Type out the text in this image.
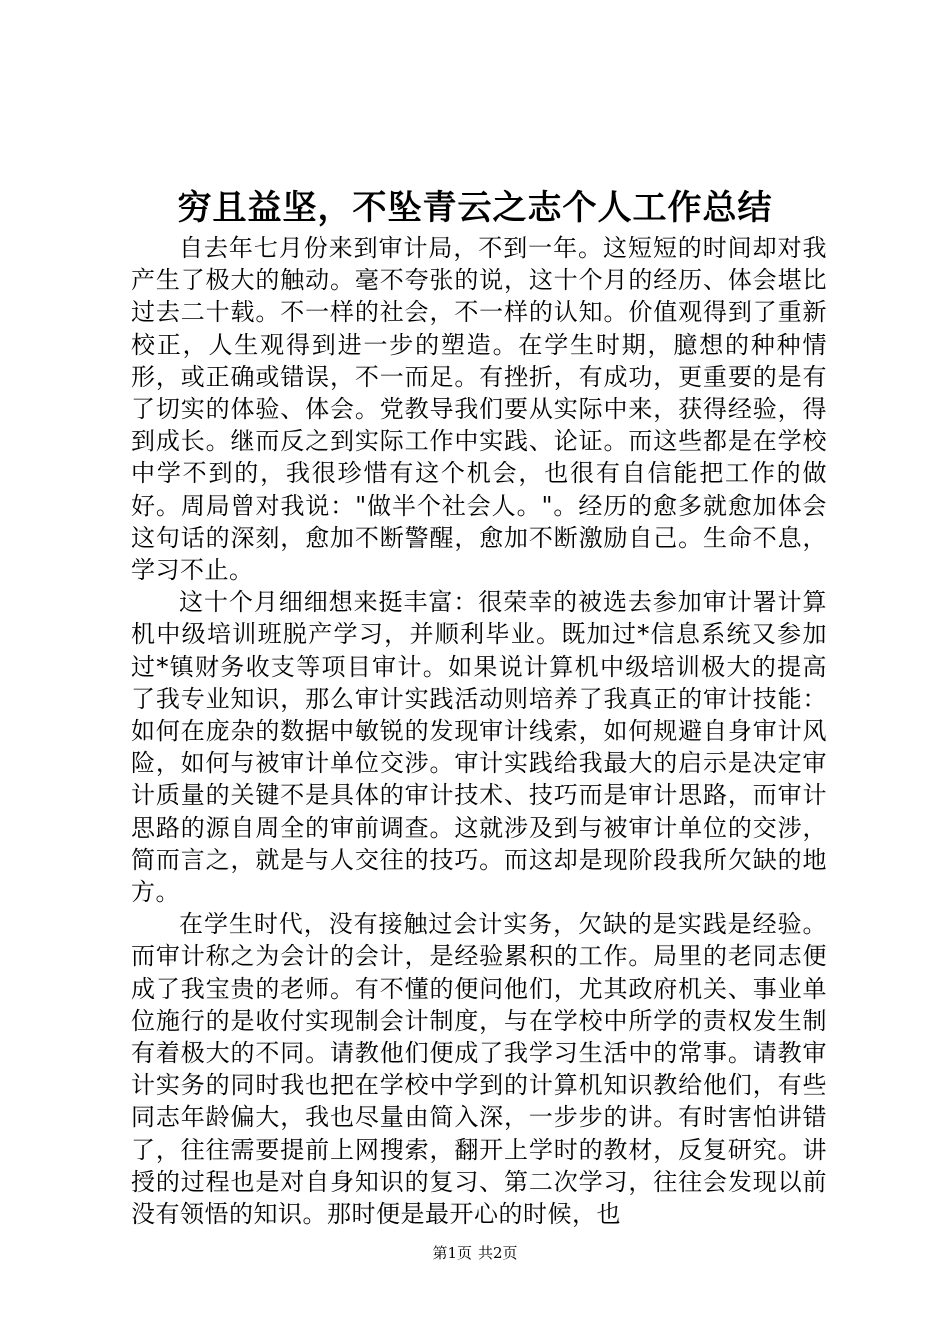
穷且益坚，不坠青云之志个人工作总结

自去年七月份来到审计局，不到一年。这短短的时间却对我产生了极大的触动。毫不夸张的说，这十个月的经历、体会堪比过去二十载。不一样的社会，不一样的认知。价值观得到了重新校正，人生观得到进一步的塑造。在学生时期，臆想的种种情形，或正确或错误，不一而足。有挫折，有成功，更重要的是有了切实的体验、体会。党教导我们要从实际中来，获得经验，得到成长。继而反之到实际工作中实践、论证。而这些都是在学校中学不到的，我很珍惜有这个机会，也很有自信能把工作的做好。周局曾对我说："做半个社会人。"。经历的愈多就愈加体会这句话的深刻，愈加不断警醒，愈加不断激励自己。生命不息，学习不止。

这十个月细细想来挺丰富：很荣幸的被选去参加审计署计算机中级培训班脱产学习，并顺利毕业。既加过*信息系统又参加过*镇财务收支等项目审计。如果说计算机中级培训极大的提高了我专业知识，那么审计实践活动则培养了我真正的审计技能：如何在庞杂的数据中敏锐的发现审计线索，如何规避自身审计风险，如何与被审计单位交涉。审计实践给我最大的启示是决定审计质量的关键不是具体的审计技术、技巧而是审计思路，而审计思路的源自周全的审前调查。这就涉及到与被审计单位的交涉，简而言之，就是与人交往的技巧。而这却是现阶段我所欠缺的地方。

在学生时代，没有接触过会计实务，欠缺的是实践是经验。而审计称之为会计的会计，是经验累积的工作。局里的老同志便成了我宝贵的老师。有不懂的便问他们，尤其政府机关、事业单位施行的是收付实现制会计制度，与在学校中所学的责权发生制有着极大的不同。请教他们便成了我学习生活中的常事。请教审计实务的同时我也把在学校中学到的计算机知识教给他们，有些同志年龄偏大，我也尽量由简入深，一步步的讲。有时害怕讲错了，往往需要提前上网搜索，翻开上学时的教材，反复研究。讲授的过程也是对自身知识的复习、第二次学习，往往会发现以前没有领悟的知识。那时便是最开心的时候，也

第1页 共2页
